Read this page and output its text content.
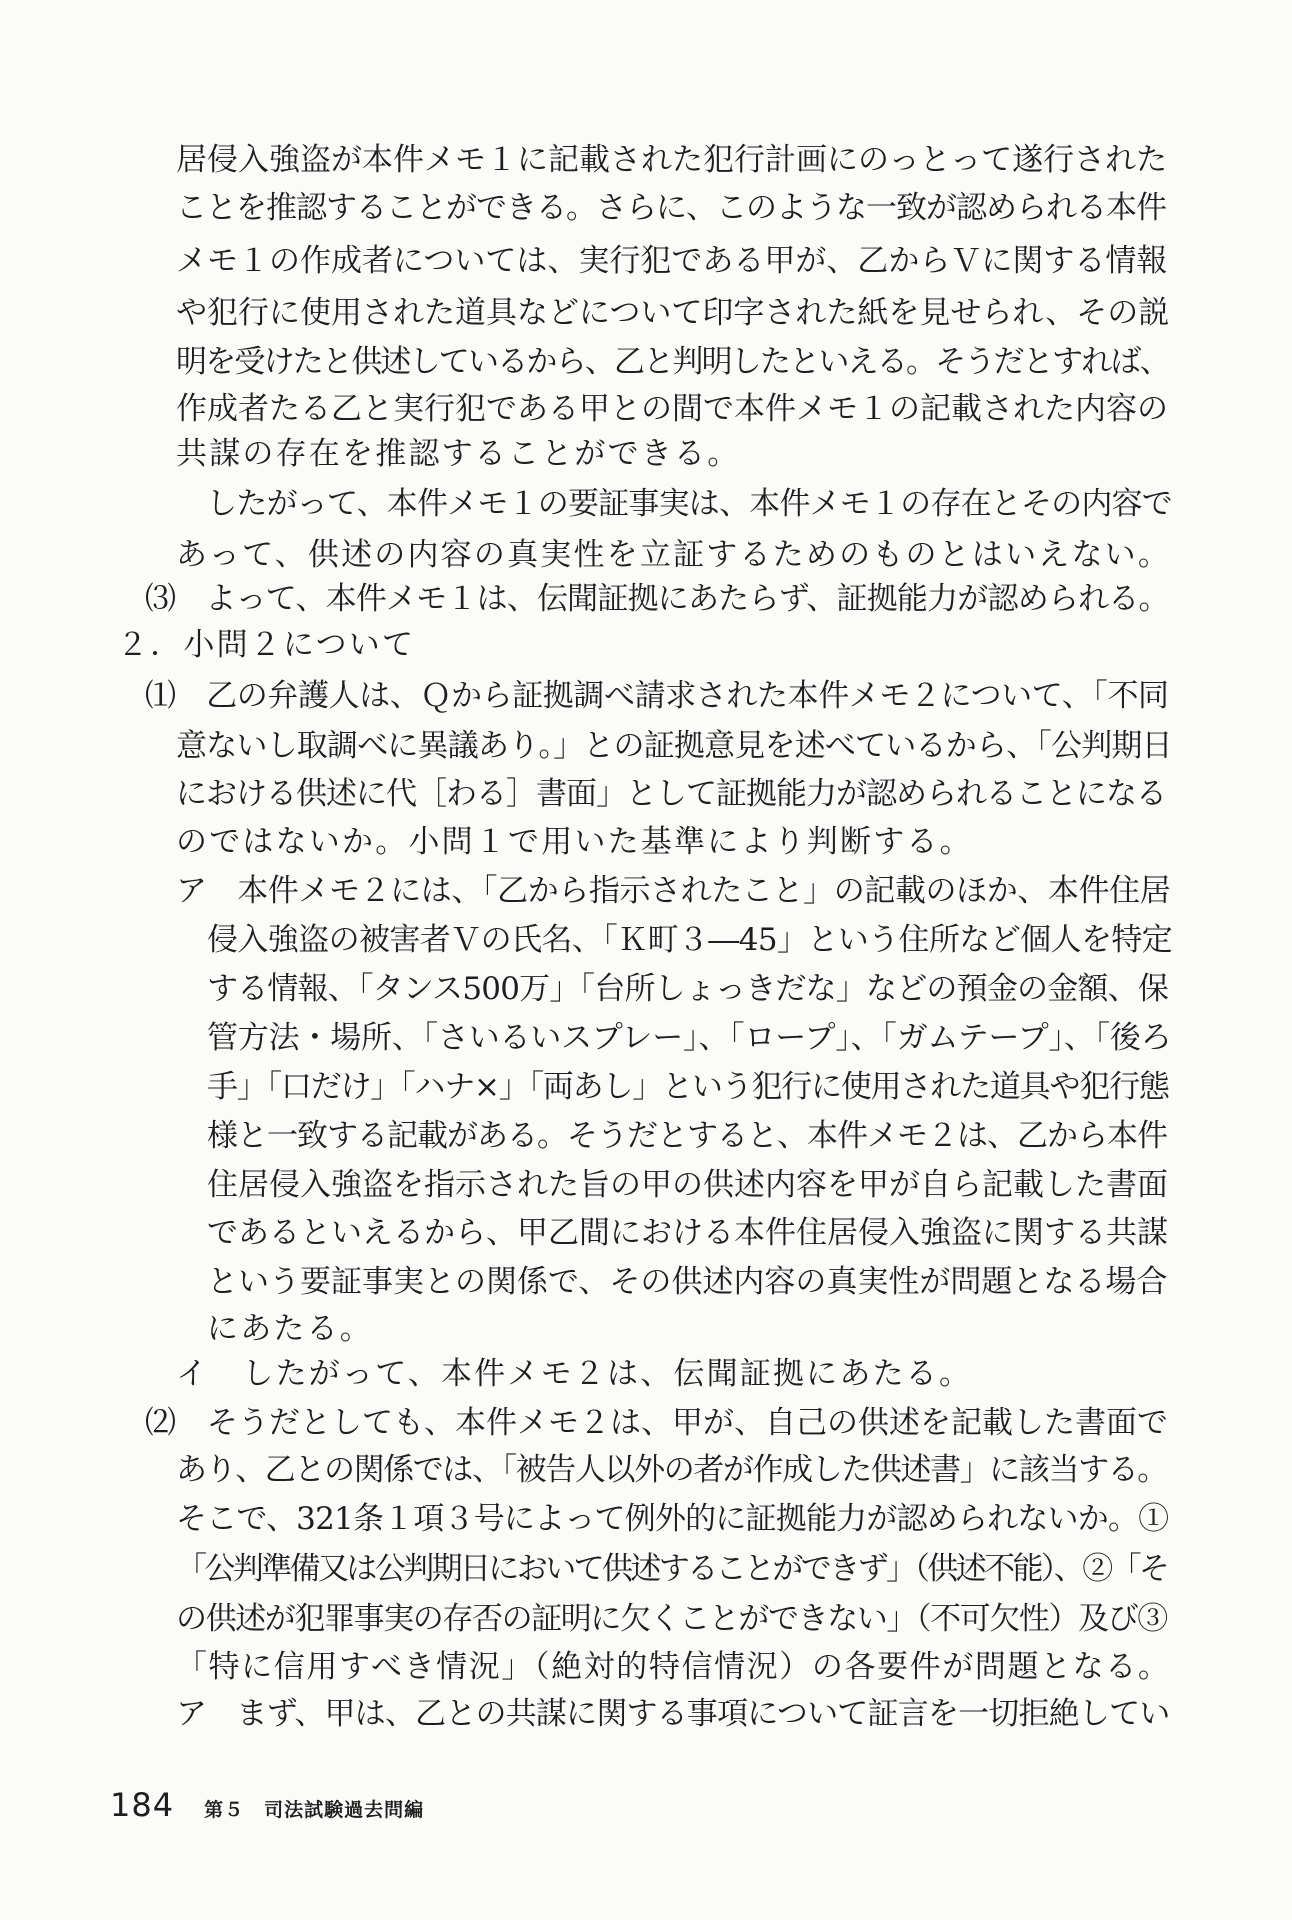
居侵入強盗が本件メモ１に記載された犯行計画にのっとって遂行された
ことを推認することができる。さらに、このような一致が認められる本件
メモ１の作成者については、実行犯である甲が、乙からＶに関する情報
や犯行に使用された道具などについて印字された紙を見せられ、その説
明を受けたと供述しているから、乙と判明したといえる。そうだとすれば、
作成者たる乙と実行犯である甲との間で本件メモ１の記載された内容の
共謀の存在を推認することができる。
　したがって、本件メモ１の要証事実は、本件メモ１の存在とその内容で
あって、供述の内容の真実性を立証するためのものとはいえない。
⑶　よって、本件メモ１は、伝聞証拠にあたらず、証拠能力が認められる。
２．小問２について
⑴　乙の弁護人は、Ｑから証拠調べ請求された本件メモ２について、「不同
意ないし取調べに異議あり。」との証拠意見を述べているから、「公判期日
における供述に代［わる］書面」として証拠能力が認められることになる
のではないか。小問１で用いた基準により判断する。
ア　本件メモ２には、「乙から指示されたこと」の記載のほか、本件住居
侵入強盗の被害者Ｖの氏名、「Ｋ町３―45」という住所など個人を特定
する情報、「タンス500万」「台所しょっきだな」などの預金の金額、保
管方法・場所、「さいるいスプレー」、「ロープ」、「ガムテープ」、「後ろ
手」「口だけ」「ハナ×」「両あし」という犯行に使用された道具や犯行態
様と一致する記載がある。そうだとすると、本件メモ２は、乙から本件
住居侵入強盗を指示された旨の甲の供述内容を甲が自ら記載した書面
であるといえるから、甲乙間における本件住居侵入強盗に関する共謀
という要証事実との関係で、その供述内容の真実性が問題となる場合
にあたる。
イ　したがって、本件メモ２は、伝聞証拠にあたる。
⑵　そうだとしても、本件メモ２は、甲が、自己の供述を記載した書面で
あり、乙との関係では、「被告人以外の者が作成した供述書」に該当する。
そこで、321条１項３号によって例外的に証拠能力が認められないか。①
「公判準備又は公判期日において供述することができず」（供述不能）、②「そ
の供述が犯罪事実の存否の証明に欠くことができない」（不可欠性）及び③
「特に信用すべき情況」（絶対的特信情況）の各要件が問題となる。
ア　まず、甲は、乙との共謀に関する事項について証言を一切拒絶してい
184 第５　司法試験過去問編
